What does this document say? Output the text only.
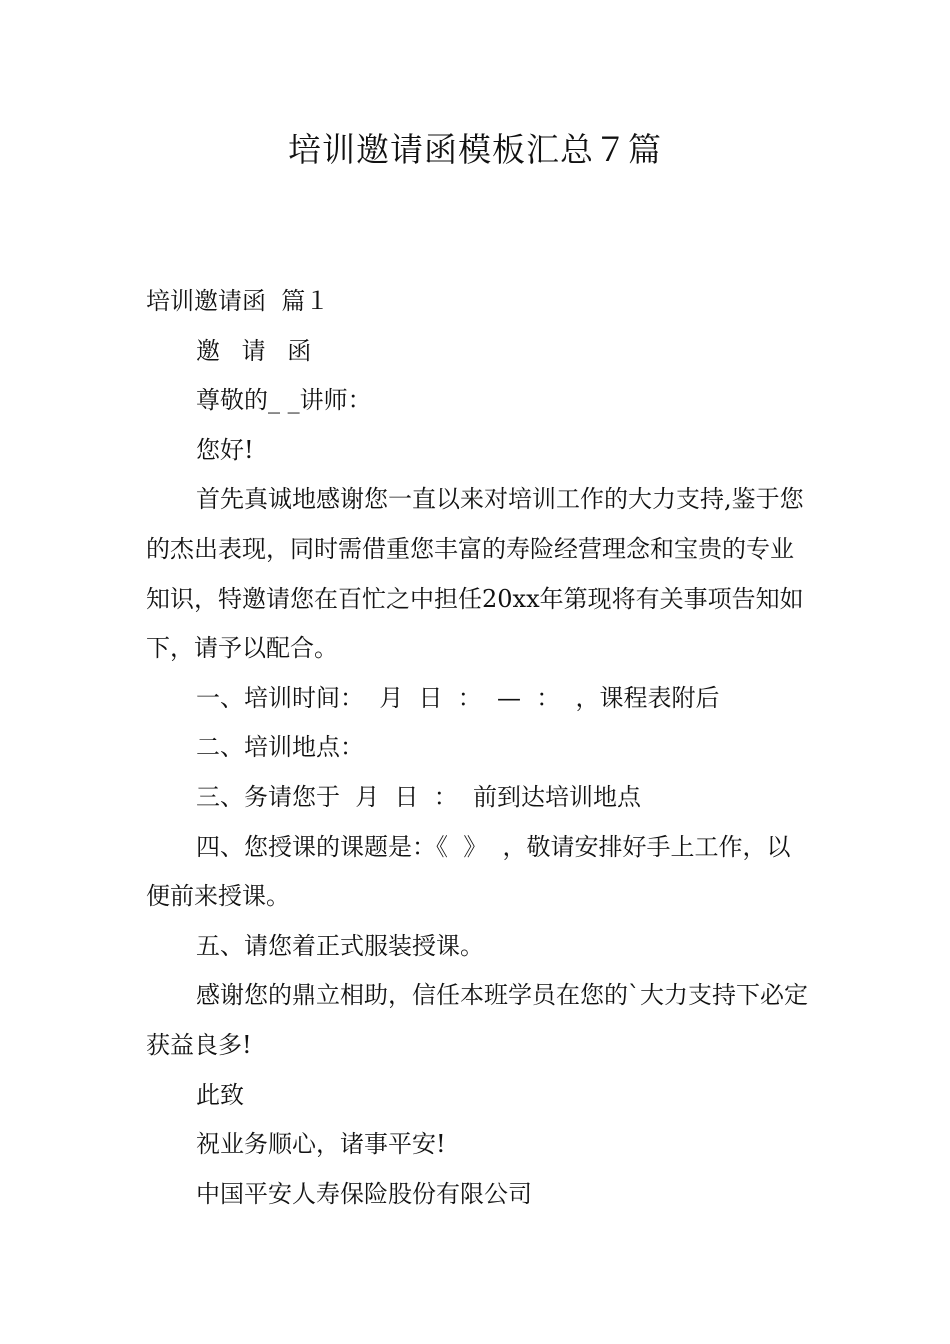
培训邀请函模板汇总７篇

培训邀请函  篇１

邀 请 函

尊敬的_ _讲师：

您好!

首先真诚地感谢您一直以来对培训工作的大力支持,鉴于您的杰出表现，同时需借重您丰富的寿险经营理念和宝贵的专业知识，特邀请您在百忙之中担任20xx年第现将有关事项告知如下，请予以配合。

一、培训时间：  月  日  ：  —  ：  ，课程表附后

二、培训地点：

三、务请您于  月  日  ：  前到达培训地点

四、您授课的课题是：《  》  ，敬请安排好手上工作，以便前来授课。

五、请您着正式服装授课。

感谢您的鼎立相助，信任本班学员在您的`大力支持下必定获益良多!

此致

祝业务顺心，诸事平安!

中国平安人寿保险股份有限公司
